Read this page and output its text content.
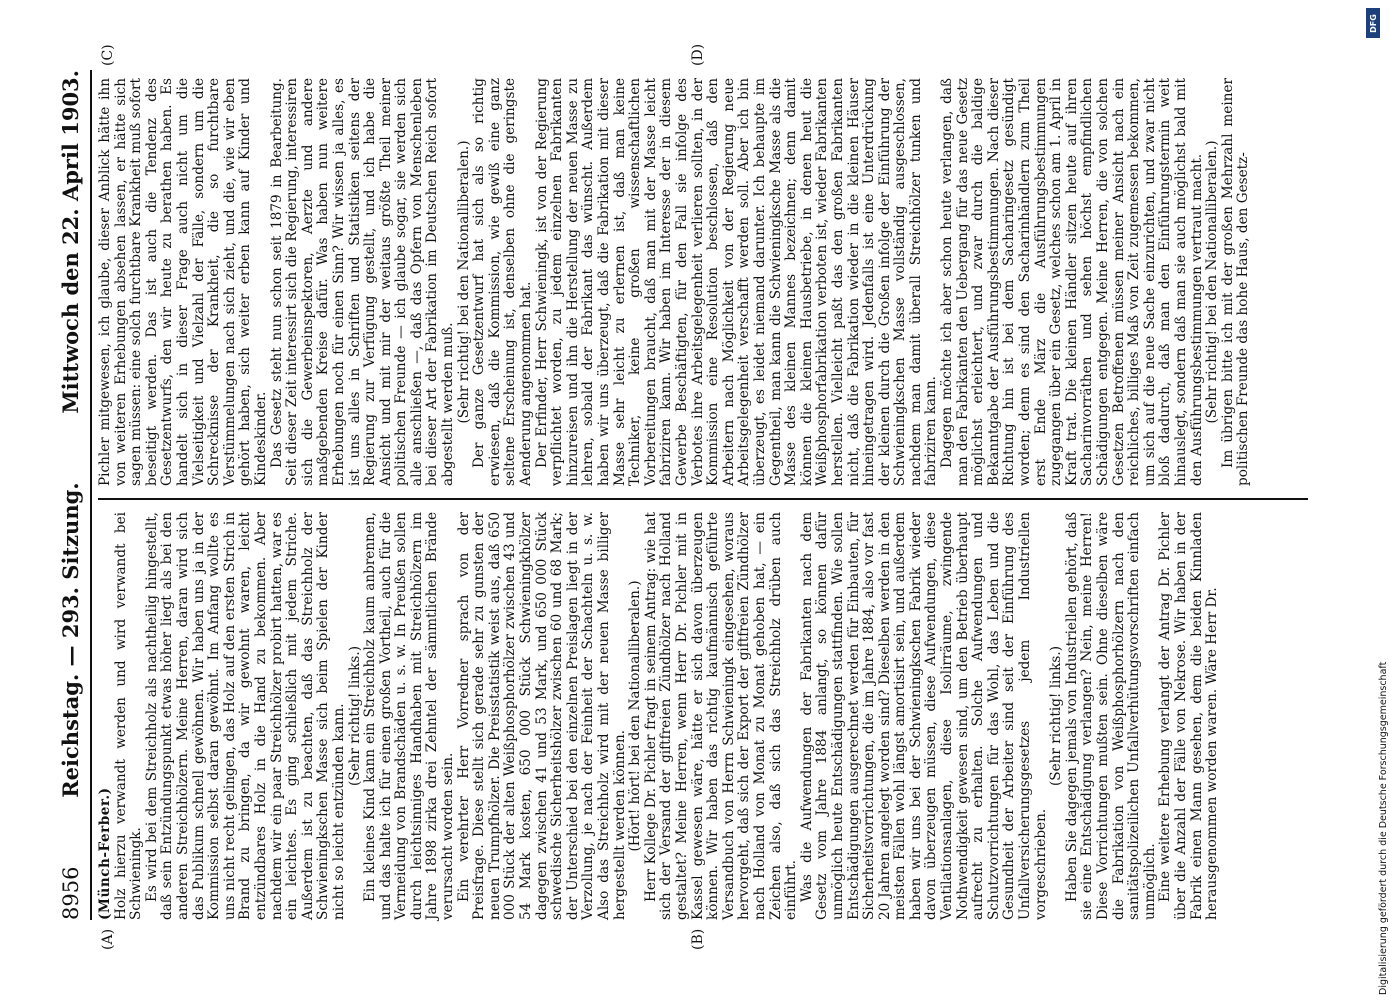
8956
Reichstag. — 293. Sitzung.
Mittwoch den 22. April 1903.
(A)	(B)
(C)	(D)

(Münch-Ferber.) Holz hierzu verwandt werden und wird verwandt bei Schwieningk. Es wird bei dem Streichholz als nachtheilig hingestellt, daß sein Entzündungspunkt etwas höher liegt als bei den anderen Streichhölzern. Meine Herren, daran wird sich das Publikum schnell gewöhnen. Wir haben uns ja in der Kommission selbst daran gewöhnt. Im Anfang wollte es uns nicht recht gelingen, das Holz auf den ersten Strich in Brand zu bringen, da wir gewohnt waren, leicht entzündbares Holz in die Hand zu bekommen. Aber nachdem wir ein paar Streichhölzer probirt hatten, war es ein leichtes. Es ging schließlich mit jedem Striche. Außerdem ist zu beachten, daß das Streichholz der Schwieningkschen Masse sich beim Spielen der Kinder nicht so leicht entzünden kann. (Sehr richtig! links.) Ein kleines Kind kann ein Streichholz kaum anbrennen, und das halte ich für einen großen Vortheil, auch für die Vermeidung von Brandschäden u. s. w. In Preußen sollen durch leichtsinniges Handhaben mit Streichhölzern im Jahre 1898 zirka drei Zehntel der sämmtlichen Brände verursacht worden sein. Ein verehrter Herr Vorredner sprach von der Preisfrage. Diese stellt sich gerade sehr zu gunsten der neuen Trumpfhölzer. Die Preisstatistik weist aus, daß 650 000 Stück der alten Weißphosphorhölzer zwischen 43 und 54 Mark kosten, 650 000 Stück Schwieningkhölzer dagegen zwischen 41 und 53 Mark, und 650 000 Stück schwedische Sicherheitshölzer zwischen 60 und 68 Mark; der Unterschied bei den einzelnen Preislagen liegt in der Verzollung, je nach der Feinheit der Schachteln u. s. w. Also das Streichholz wird mit der neuen Masse billiger hergestellt werden können. (Hört! hört! bei den Nationalliberalen.) Herr Kollege Dr. Pichler fragt in seinem Antrag: wie hat sich der Versand der giftfreien Zündhölzer nach Holland gestaltet? Meine Herren, wenn Herr Dr. Pichler mit in Kassel gewesen wäre, hätte er sich davon überzeugen können. Wir haben das richtig kaufmännisch geführte Versandbuch von Herrn Schwieningk eingesehen, woraus hervorgeht, daß sich der Export der giftfreien Zündhölzer nach Holland von Monat zu Monat gehoben hat, — ein Zeichen also, daß sich das Streichholz drüben auch einführt. Was die Aufwendungen der Fabrikanten nach dem Gesetz vom Jahre 1884 anlangt, so können dafür unmöglich heute Entschädigungen stattfinden. Wie sollen Entschädigungen ausgerechnet werden für Einbauten, für Sicherheitsvorrichtungen, die im Jahre 1884, also vor fast 20 Jahren angelegt worden sind? Dieselben werden in den meisten Fällen wohl längst amortisirt sein, und außerdem haben wir uns bei der Schwieningkschen Fabrik wieder davon überzeugen müssen, diese Aufwendungen, diese Ventilationsanlagen, diese Isolirräume, zwingende Nothwendigkeit gewesen sind, um den Betrieb überhaupt aufrecht zu erhalten. Solche Aufwendungen und Schutzvorrichtungen für das Wohl, das Leben und die Gesundheit der Arbeiter sind seit der Einführung des Unfallversicherungsgesetzes jedem Industriellen vorgeschrieben.

(Sehr richtig! links.) Haben Sie dagegen jemals von Industriellen gehört, daß sie eine Entschädigung verlangen? Nein, meine Herren! Diese Vorrichtungen mußten sein. Ohne dieselben wäre die Fabrikation von Weißphosphorhölzern nach den sanitätspolizeilichen Unfallverhütungsvorschriften einfach unmöglich. Eine weitere Erhebung verlangt der Antrag Dr. Pichler über die Anzahl der Fälle von Nekrose. Wir haben in der Fabrik einen Mann gesehen, dem die beiden Kinnladen herausgenommen worden waren. Wäre Herr Dr.

Pichler mitgewesen, ich glaube, dieser Anblick hätte ihn von weiteren Erhebungen absehen lassen, er hätte sich sagen müssen: eine solch furchtbare Krankheit muß sofort beseitigt werden. Das ist auch die Tendenz des Gesetzentwurfs, den wir heute zu berathen haben. Es handelt sich in dieser Frage auch nicht um die Vielseitigkeit und Vielzahl der Fälle, sondern um die Schrecknisse der Krankheit, die so furchtbare Verstümmelungen nach sich zieht, und die, wie wir eben gehört haben, sich weiter erben kann auf Kinder und Kindeskinder. Das Gesetz steht nun schon seit 1879 in Bearbeitung. Seit dieser Zeit interessirt sich die Regierung, interessiren sich die Gewerbeinspektoren, Aerzte und andere maßgebenden Kreise dafür. Was haben nun weitere Erhebungen noch für einen Sinn? Wir wissen ja alles, es ist uns alles in Schriften und Statistiken seitens der Regierung zur Verfügung gestellt, und ich habe die Ansicht und mit mir der weitaus größte Theil meiner politischen Freunde — ich glaube sogar, sie werden sich alle anschließen —, daß das Opfern von Menschenleben bei dieser Art der Fabrikation im Deutschen Reich sofort abgestellt werden muß. (Sehr richtig! bei den Nationalliberalen.) Der ganze Gesetzentwurf hat sich als so richtig erwiesen, daß die Kommission, wie gewiß eine ganz seltene Erscheinung ist, denselben ohne die geringste Aenderung angenommen hat. Der Erfinder, Herr Schwieningk, ist von der Regierung verpflichtet worden, zu jedem einzelnen Fabrikanten hinzureisen und ihn die Herstellung der neuen Masse zu lehren, sobald der Fabrikant das wünscht. Außerdem haben wir uns überzeugt, daß die Fabrikation mit dieser Masse sehr leicht zu erlernen ist, daß man keine Techniker, keine großen wissenschaftlichen Vorbereitungen braucht, daß man mit der Masse leicht fabriziren kann. Wir haben im Interesse der in diesem Gewerbe Beschäftigten, für den Fall sie infolge des Verbotes ihre Arbeitsgelegenheit verlieren sollten, in der Kommission eine Resolution beschlossen, daß den Arbeitern nach Möglichkeit von der Regierung neue Arbeitsgelegenheit verschafft werden soll. Aber ich bin überzeugt, es leidet niemand darunter. Ich behaupte im Gegentheil, man kann die Schwieningksche Masse als die Masse des kleinen Mannes bezeichnen; denn damit können die kleinen Hausbetriebe, in denen heut die Weißphosphorfabrikation verboten ist, wieder Fabrikanten herstellen. Vielleicht paßt das den großen Fabrikanten nicht, daß die Fabrikation wieder in die kleinen Häuser hineingetragen wird. Jedenfalls ist eine Unterdrückung der kleinen durch die Großen infolge der Einführung der Schwieningkschen Masse vollständig ausgeschlossen, nachdem man damit überall Streichhölzer tunken und fabriziren kann. Dagegen möchte ich aber schon heute verlangen, daß man den Fabrikanten den Uebergang für das neue Gesetz möglichst erleichtert, und zwar durch die baldige Bekanntgabe der Ausführungsbestimmungen. Nach dieser Richtung hin ist bei dem Sacharingesetz gesündigt worden; denn es sind den Sacharinhändlern zum Theil erst Ende März die Ausführungsbestimmungen zugegangen über ein Gesetz, welches schon am 1. April in Kraft trat. Die kleinen Händler sitzen heute auf ihren Sacharinvorräthen und sehen höchst empfindlichen Schädigungen entgegen. Meine Herren, die von solchen Gesetzen Betroffenen müssen meiner Ansicht nach ein reichliches, billiges Maß von Zeit zugemessen bekommen, um sich auf die neue Sache einzurichten, und zwar nicht bloß dadurch, daß man den Einführungstermin weit hinauslegt, sondern daß man sie auch möglichst bald mit den Ausführungsbestimmungen vertraut macht. (Sehr richtig! bei den Nationalliberalen.) Im übrigen bitte ich mit der großen Mehrzahl meiner politischen Freunde das hohe Haus, den Gesetz-

DFG
Digitalisierung gefördert durch die Deutsche Forschungsgemeinschaft
